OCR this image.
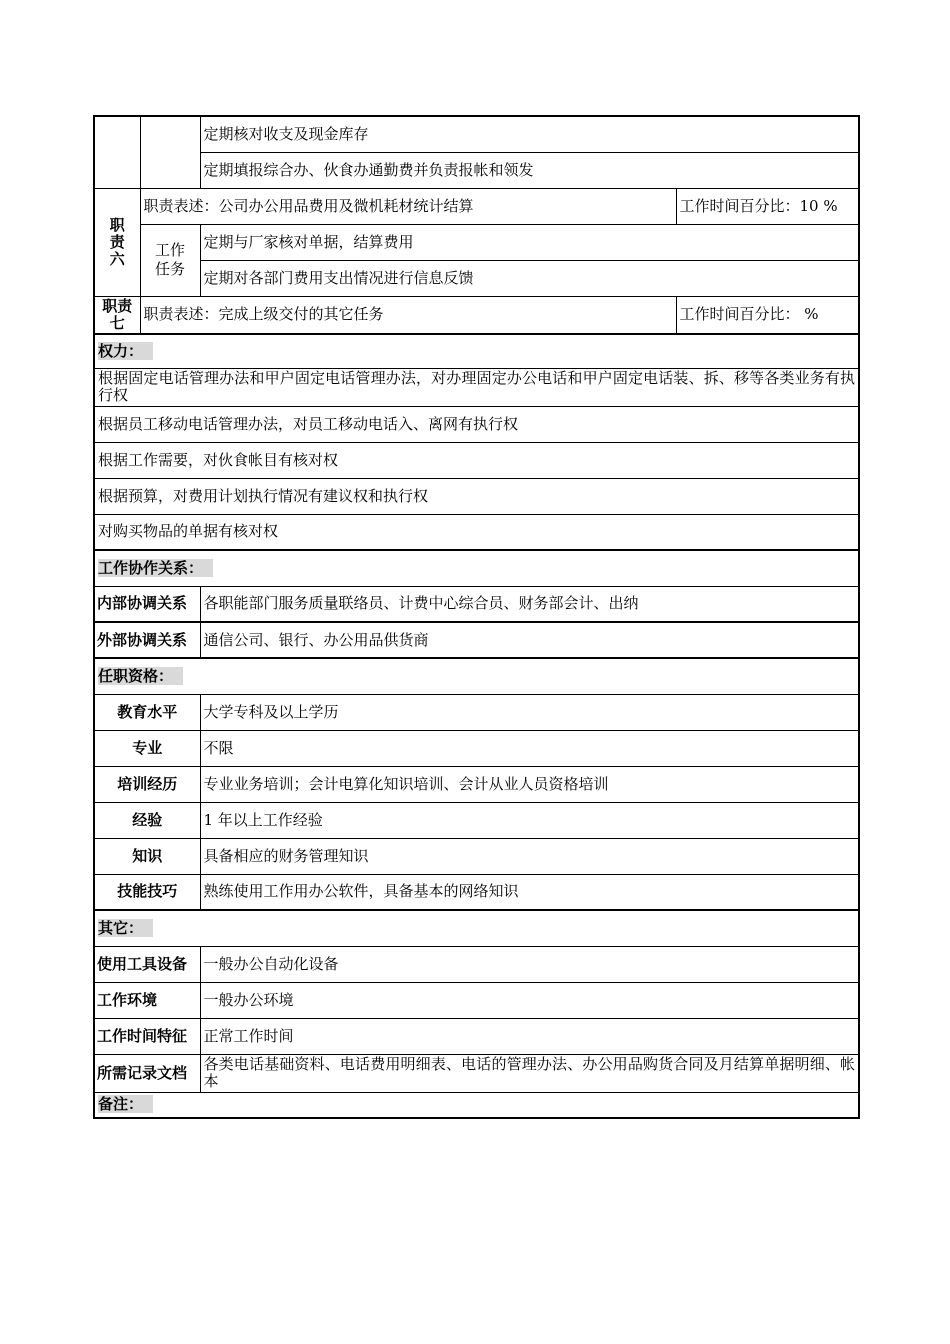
		定期核对收支及现金库存	
		定期填报综合办、伙食办通勤费并负责报帐和领发	

职责六	职责表述：公司办公用品费用及微机耗材统计结算		工作时间百分比：10 %

	工作任务	定期与厂家核对单据，结算费用	
		定期对各部门费用支出情况进行信息反馈	

职责七	职责表述：完成上级交付的其它任务		工作时间百分比： %
权力：			
根据固定电话管理办法和甲户固定电话管理办法，对办理固定办公电话和甲户固定电话装、拆、移等各类业务有执行权			
根据员工移动电话管理办法，对员工移动电话入、离网有执行权			
根据工作需要，对伙食帐目有核对权			
根据预算，对费用计划执行情况有建议权和执行权			
对购买物品的单据有核对权			
工作协作关系：			
内部协调关系		各职能部门服务质量联络员、计费中心综合员、财务部会计、出纳	
外部协调关系		通信公司、银行、办公用品供货商	
任职资格：			
教育水平		大学专科及以上学历	
专业		不限	
培训经历		专业业务培训；会计电算化知识培训、会计从业人员资格培训	
经验		1 年以上工作经验	
知识		具备相应的财务管理知识	
技能技巧		熟练使用工作用办公软件，具备基本的网络知识	
其它：			
使用工具设备		一般办公自动化设备	
工作环境		一般办公环境	
工作时间特征		正常工作时间	
所需记录文档		各类电话基础资料、电话费用明细表、电话的管理办法、办公用品购货合同及月结算单据明细、帐本	
备注：			
